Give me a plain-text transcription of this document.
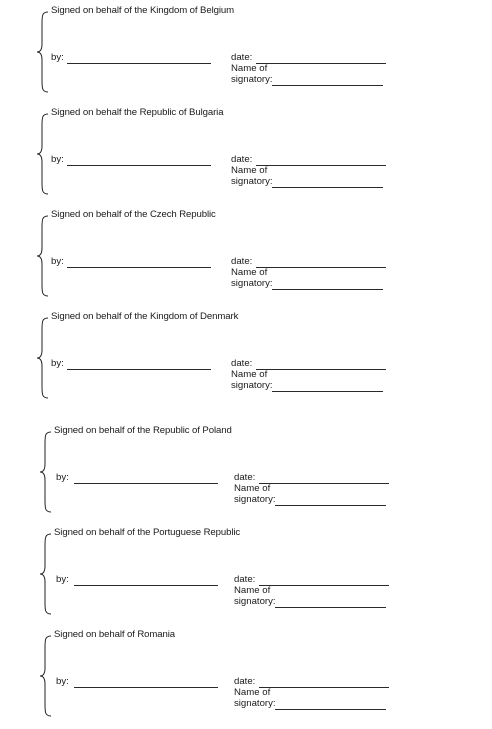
Signed on behalf of the Kingdom of Belgium
by:	date:
Name of
signatory:
Signed on behalf the Republic of Bulgaria
by:	date:
Name of
signatory:
Signed on behalf of the Czech Republic
by:	date:
Name of
signatory:
Signed on behalf of the Kingdom of Denmark
by:	date:
Name of
signatory:
Signed on behalf of the Republic of Poland
by:	date:
Name of
signatory:
Signed on behalf of the Portuguese Republic
by:	date:
Name of
signatory:
Signed on behalf of Romania
by:	date:
Name of
signatory:
